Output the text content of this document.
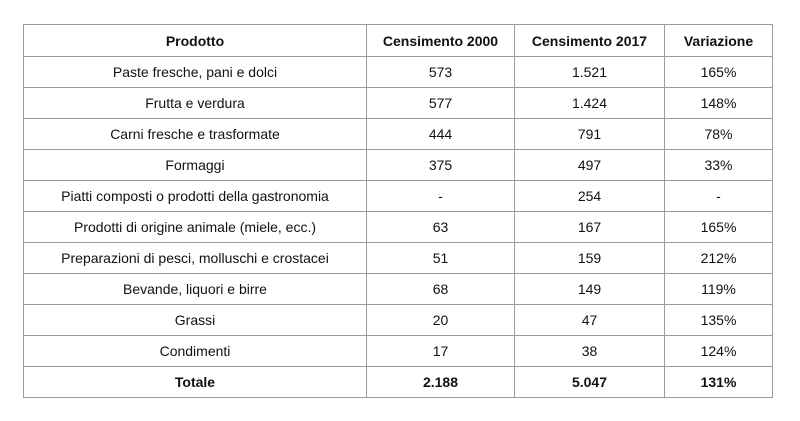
Prodotto	Censimento 2000	Censimento 2017	Variazione
Paste fresche, pani e dolci	573	1.521	165%
Frutta e verdura	577	1.424	148%
Carni fresche e trasformate	444	791	78%
Formaggi	375	497	33%
Piatti composti o prodotti della gastronomia	-	254	-
Prodotti di origine animale (miele, ecc.)	63	167	165%
Preparazioni di pesci, molluschi e crostacei	51	159	212%
Bevande, liquori e birre	68	149	119%
Grassi	20	47	135%
Condimenti	17	38	124%
Totale	2.188	5.047	131%
